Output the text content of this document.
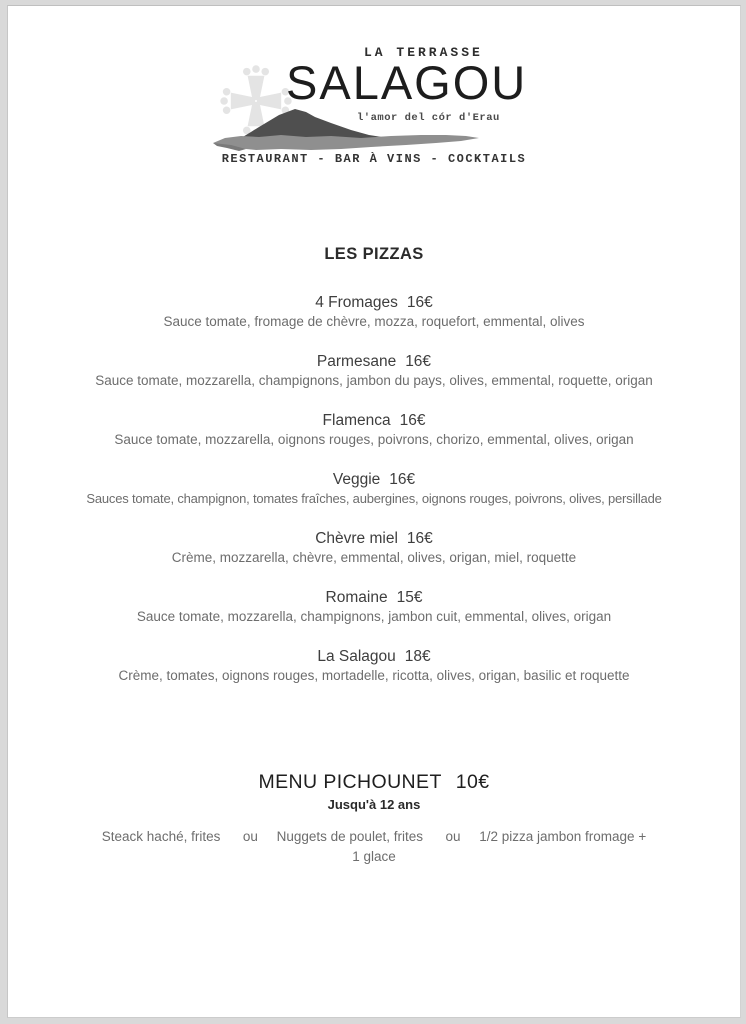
LA TERRASSE
SALAGOU
l'amor del cór d'Erau
RESTAURANT - BAR À VINS - COCKTAILS
LES PIZZAS
4 Fromages 16€
Sauce tomate, fromage de chèvre, mozza, roquefort, emmental, olives
Parmesane 16€
Sauce tomate, mozzarella, champignons, jambon du pays, olives, emmental, roquette, origan
Flamenca 16€
Sauce tomate, mozzarella, oignons rouges, poivrons, chorizo, emmental, olives, origan
Veggie 16€
Sauces tomate, champignon, tomates fraîches, aubergines, oignons rouges, poivrons, olives, persillade
Chèvre miel 16€
Crème, mozzarella, chèvre, emmental, olives, origan, miel, roquette
Romaine 15€
Sauce tomate, mozzarella, champignons, jambon cuit, emmental, olives, origan
La Salagou 18€
Crème, tomates, oignons rouges, mortadelle, ricotta, olives, origan, basilic et roquette
MENU PICHOUNET 10€
Jusqu'à 12 ans
Steack haché, frites      ou     Nuggets de poulet, frites      ou     1/2 pizza jambon fromage +
1 glace
